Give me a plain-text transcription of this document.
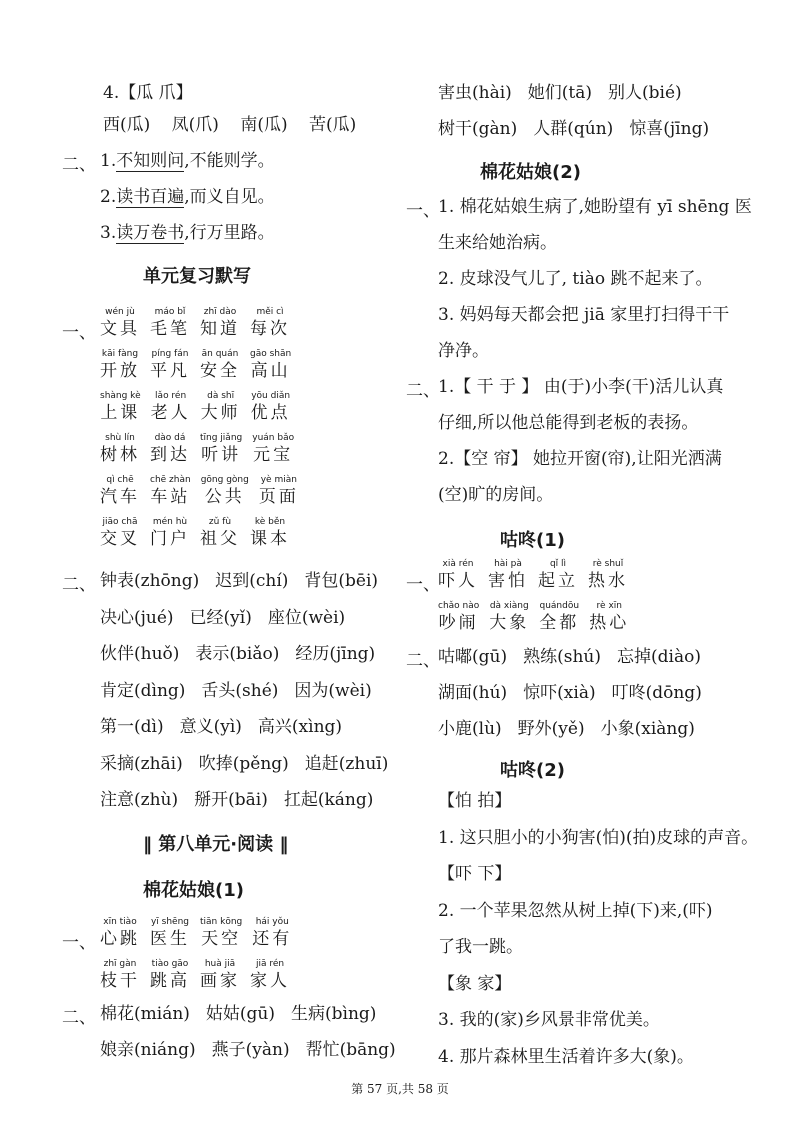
4.【瓜 爪】
西(瓜) 凤(爪) 南(瓜) 苦(瓜)
二、 1.不知则问,不能则学。
2.读书百遍,而义自见。
3.读万卷书,行万里路。
单元复习默写
一、
wén jù
文具
máo bǐ
毛笔
zhī dào
知道
měi cì
每次
kāi fàng
开放
píng fán
平凡
ān quán
安全
gāo shān
高山
shàng kè
上课
lǎo rén
老人
dà shī
大师
yōu diǎn
优点
shù lín
树林
dào dá
到达
tīng jiǎng
听讲
yuán bǎo
元宝
qì chē
汽车
chē zhàn
车站
gōng gòng
公共
yè miàn
页面
jiāo chā
交叉
mén hù
门户
zǔ fù
祖父
kè běn
课本
二、 钟表(zhōng) 迟到(chí) 背包(bēi)
决心(jué) 已经(yǐ) 座位(wèi)
伙伴(huǒ) 表示(biǎo) 经历(jīng)
肯定(dìng) 舌头(shé) 因为(wèi)
第一(dì) 意义(yì) 高兴(xìng)
采摘(zhāi) 吹捧(pěng) 追赶(zhuī)
注意(zhù) 掰开(bāi) 扛起(káng)
‖ 第八单元·阅读 ‖
棉花姑娘(1)
一、
xīn tiào
心跳
yī shēng
医生
tiān kōng
天空
hái yǒu
还有
zhī gàn
枝干
tiào gāo
跳高
huà jiā
画家
jiā rén
家人
二、 棉花(mián) 姑姑(gū) 生病(bìng)
娘亲(niáng) 燕子(yàn) 帮忙(bāng)
害虫(hài) 她们(tā) 别人(bié)
树干(gàn) 人群(qún) 惊喜(jīng)
棉花姑娘(2)
一、
1. 棉花姑娘生病了,她盼望有 yī shēng 医
生来给她治病。
2. 皮球没气儿了, tiào 跳不起来了。
3. 妈妈每天都会把 jiā 家里打扫得干干
净净。
二、
1.【 干 于 】 由(于)小李(干)活儿认真
仔细,所以他总能得到老板的表扬。
2.【空 帘】 她拉开窗(帘),让阳光洒满
(空)旷的房间。
咕咚(1)
一、
xià rén
吓人
hài pà
害怕
qǐ lì
起立
rè shuǐ
热水
chǎo nào
吵闹
dà xiàng
大象
quándōu
全都
rè xīn
热心
二、
咕嘟(gū) 熟练(shú) 忘掉(diào)
湖面(hú) 惊吓(xià) 叮咚(dōng)
小鹿(lù) 野外(yě) 小象(xiàng)
咕咚(2)
【怕 拍】
1. 这只胆小的小狗害(怕)(拍)皮球的声音。
【吓 下】
2. 一个苹果忽然从树上掉(下)来,(吓)
了我一跳。
【象 家】
3. 我的(家)乡风景非常优美。
4. 那片森林里生活着许多大(象)。
第 57 页,共 58 页
